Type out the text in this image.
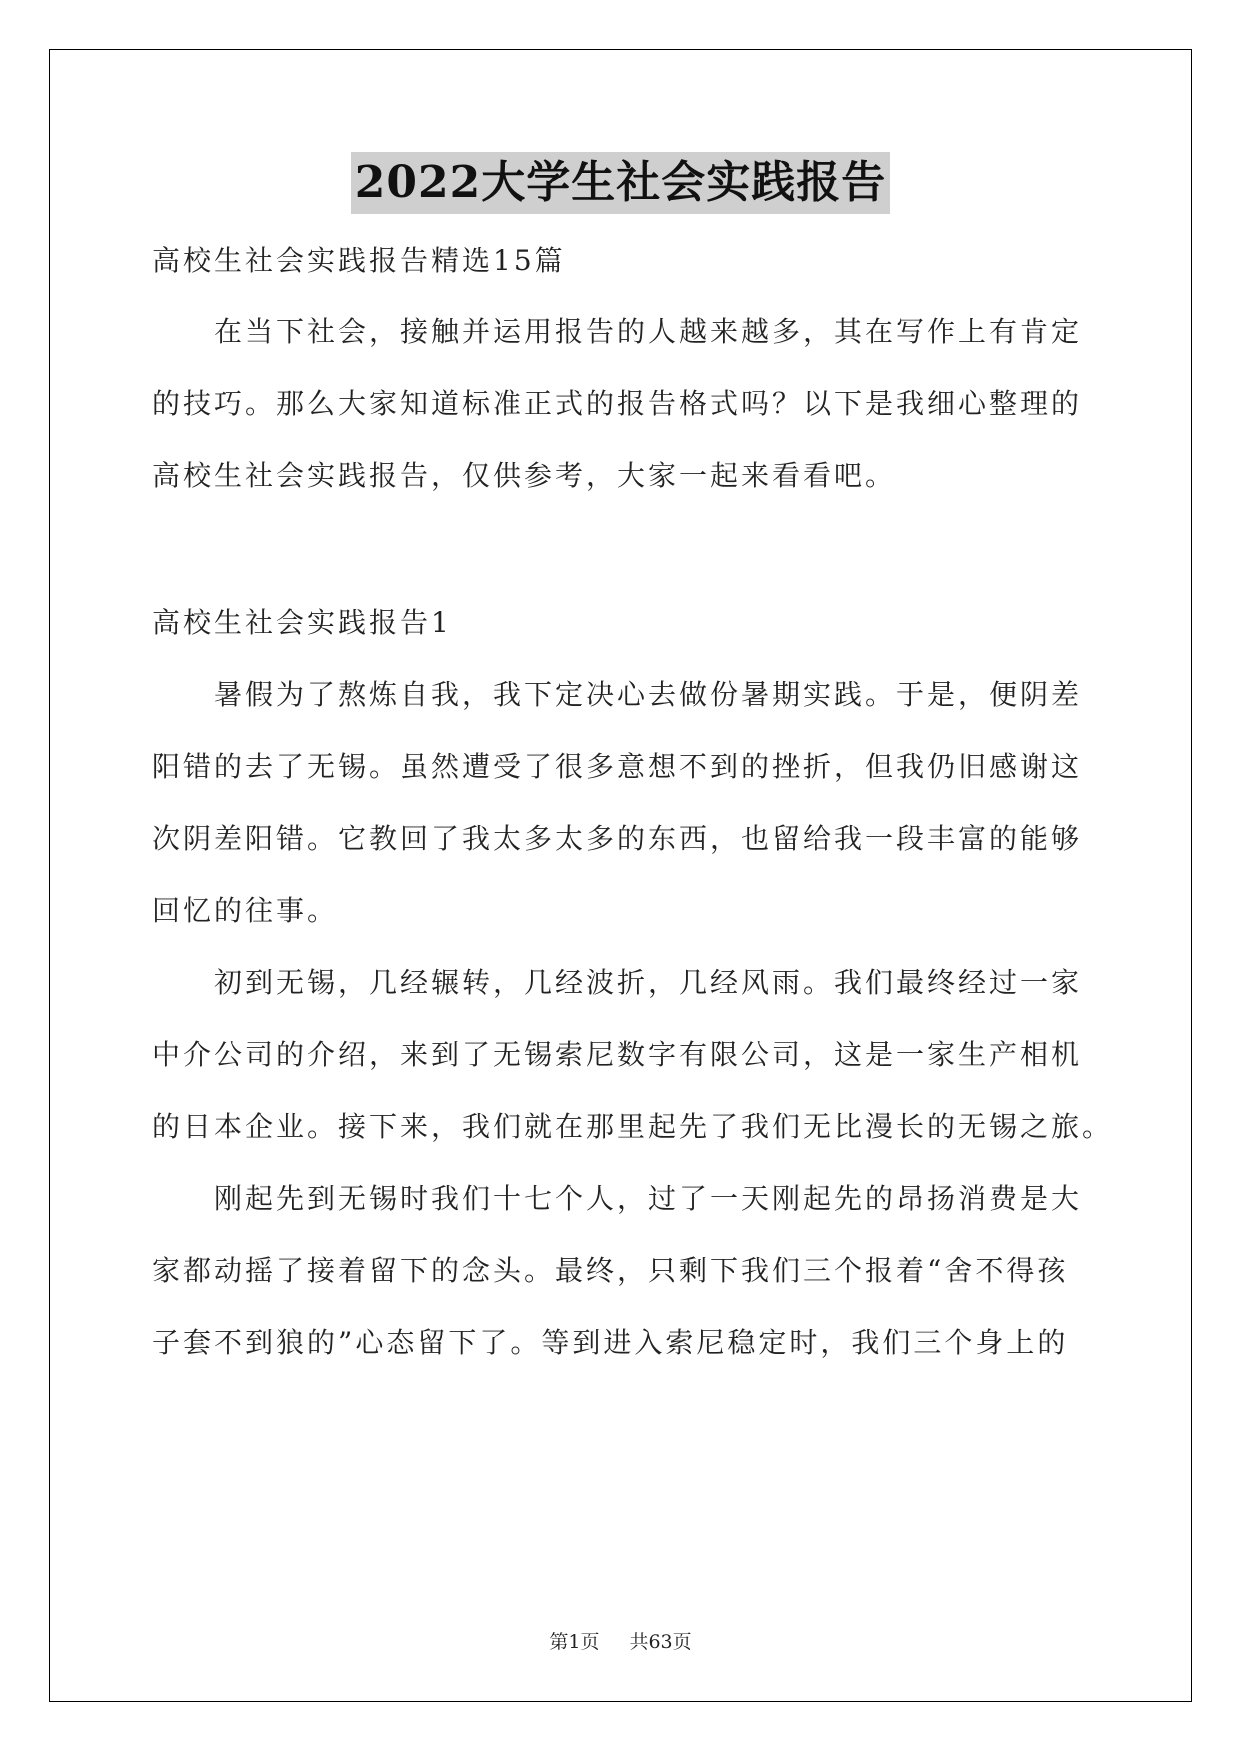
2022大学生社会实践报告
高校生社会实践报告精选15篇
在当下社会，接触并运用报告的人越来越多，其在写作上有肯定
的技巧。那么大家知道标准正式的报告格式吗？以下是我细心整理的
高校生社会实践报告，仅供参考，大家一起来看看吧。
高校生社会实践报告1
暑假为了熬炼自我，我下定决心去做份暑期实践。于是，便阴差
阳错的去了无锡。虽然遭受了很多意想不到的挫折，但我仍旧感谢这
次阴差阳错。它教回了我太多太多的东西，也留给我一段丰富的能够
回忆的往事。
初到无锡，几经辗转，几经波折，几经风雨。我们最终经过一家
中介公司的介绍，来到了无锡索尼数字有限公司，这是一家生产相机
的日本企业。接下来，我们就在那里起先了我们无比漫长的无锡之旅。
刚起先到无锡时我们十七个人，过了一天刚起先的昂扬消费是大
家都动摇了接着留下的念头。最终，只剩下我们三个报着“舍不得孩
子套不到狼的”心态留下了。等到进入索尼稳定时，我们三个身上的
第1页 共63页
